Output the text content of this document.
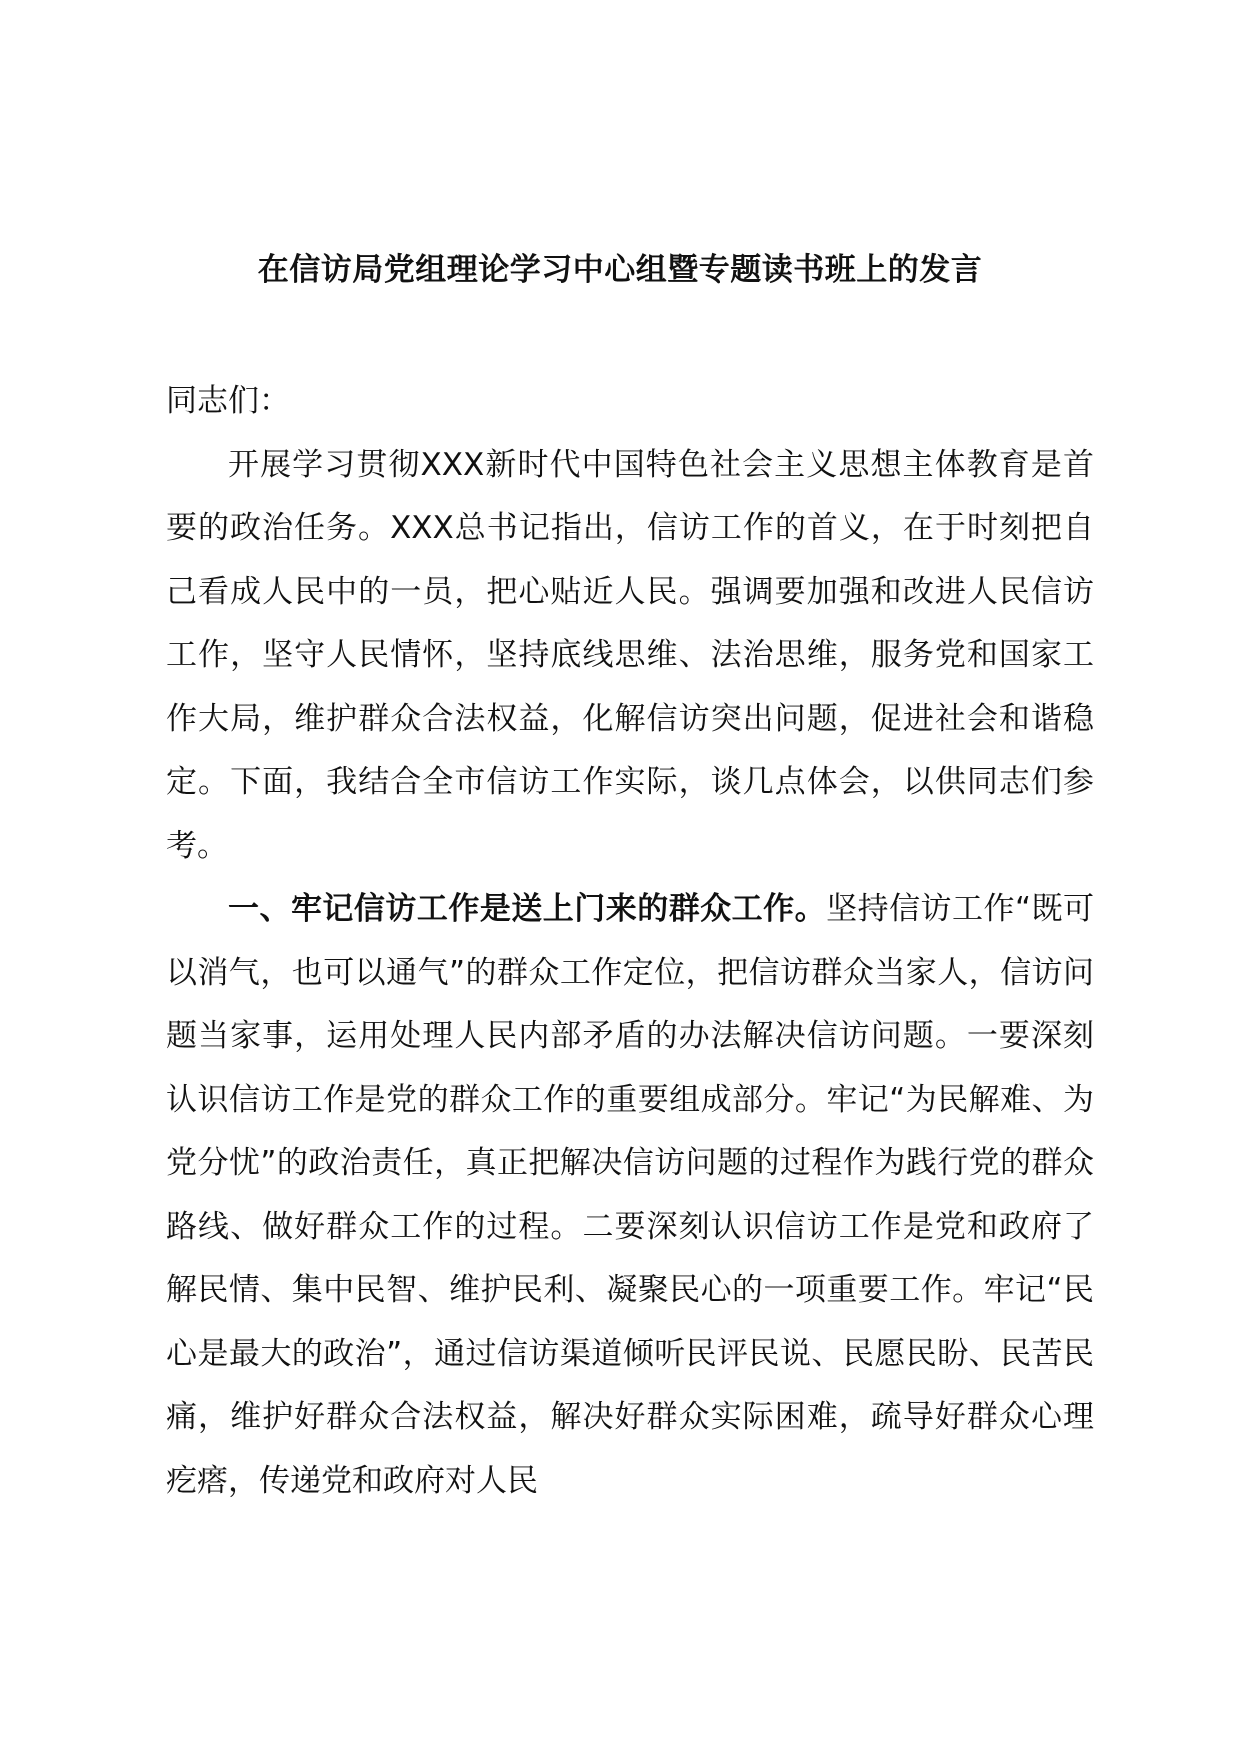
在信访局党组理论学习中心组暨专题读书班上的发言

同志们：

开展学习贯彻XXX新时代中国特色社会主义思想主体教育是首要的政治任务。XXX总书记指出，信访工作的首义，在于时刻把自己看成人民中的一员，把心贴近人民。强调要加强和改进人民信访工作，坚守人民情怀，坚持底线思维、法治思维，服务党和国家工作大局，维护群众合法权益，化解信访突出问题，促进社会和谐稳定。下面，我结合全市信访工作实际，谈几点体会，以供同志们参考。

一、牢记信访工作是送上门来的群众工作。坚持信访工作“既可以消气，也可以通气”的群众工作定位，把信访群众当家人，信访问题当家事，运用处理人民内部矛盾的办法解决信访问题。一要深刻认识信访工作是党的群众工作的重要组成部分。牢记“为民解难、为党分忧”的政治责任，真正把解决信访问题的过程作为践行党的群众路线、做好群众工作的过程。二要深刻认识信访工作是党和政府了解民情、集中民智、维护民利、凝聚民心的一项重要工作。牢记“民心是最大的政治”，通过信访渠道倾听民评民说、民愿民盼、民苦民痛，维护好群众合法权益，解决好群众实际困难，疏导好群众心理疙瘩，传递党和政府对人民
